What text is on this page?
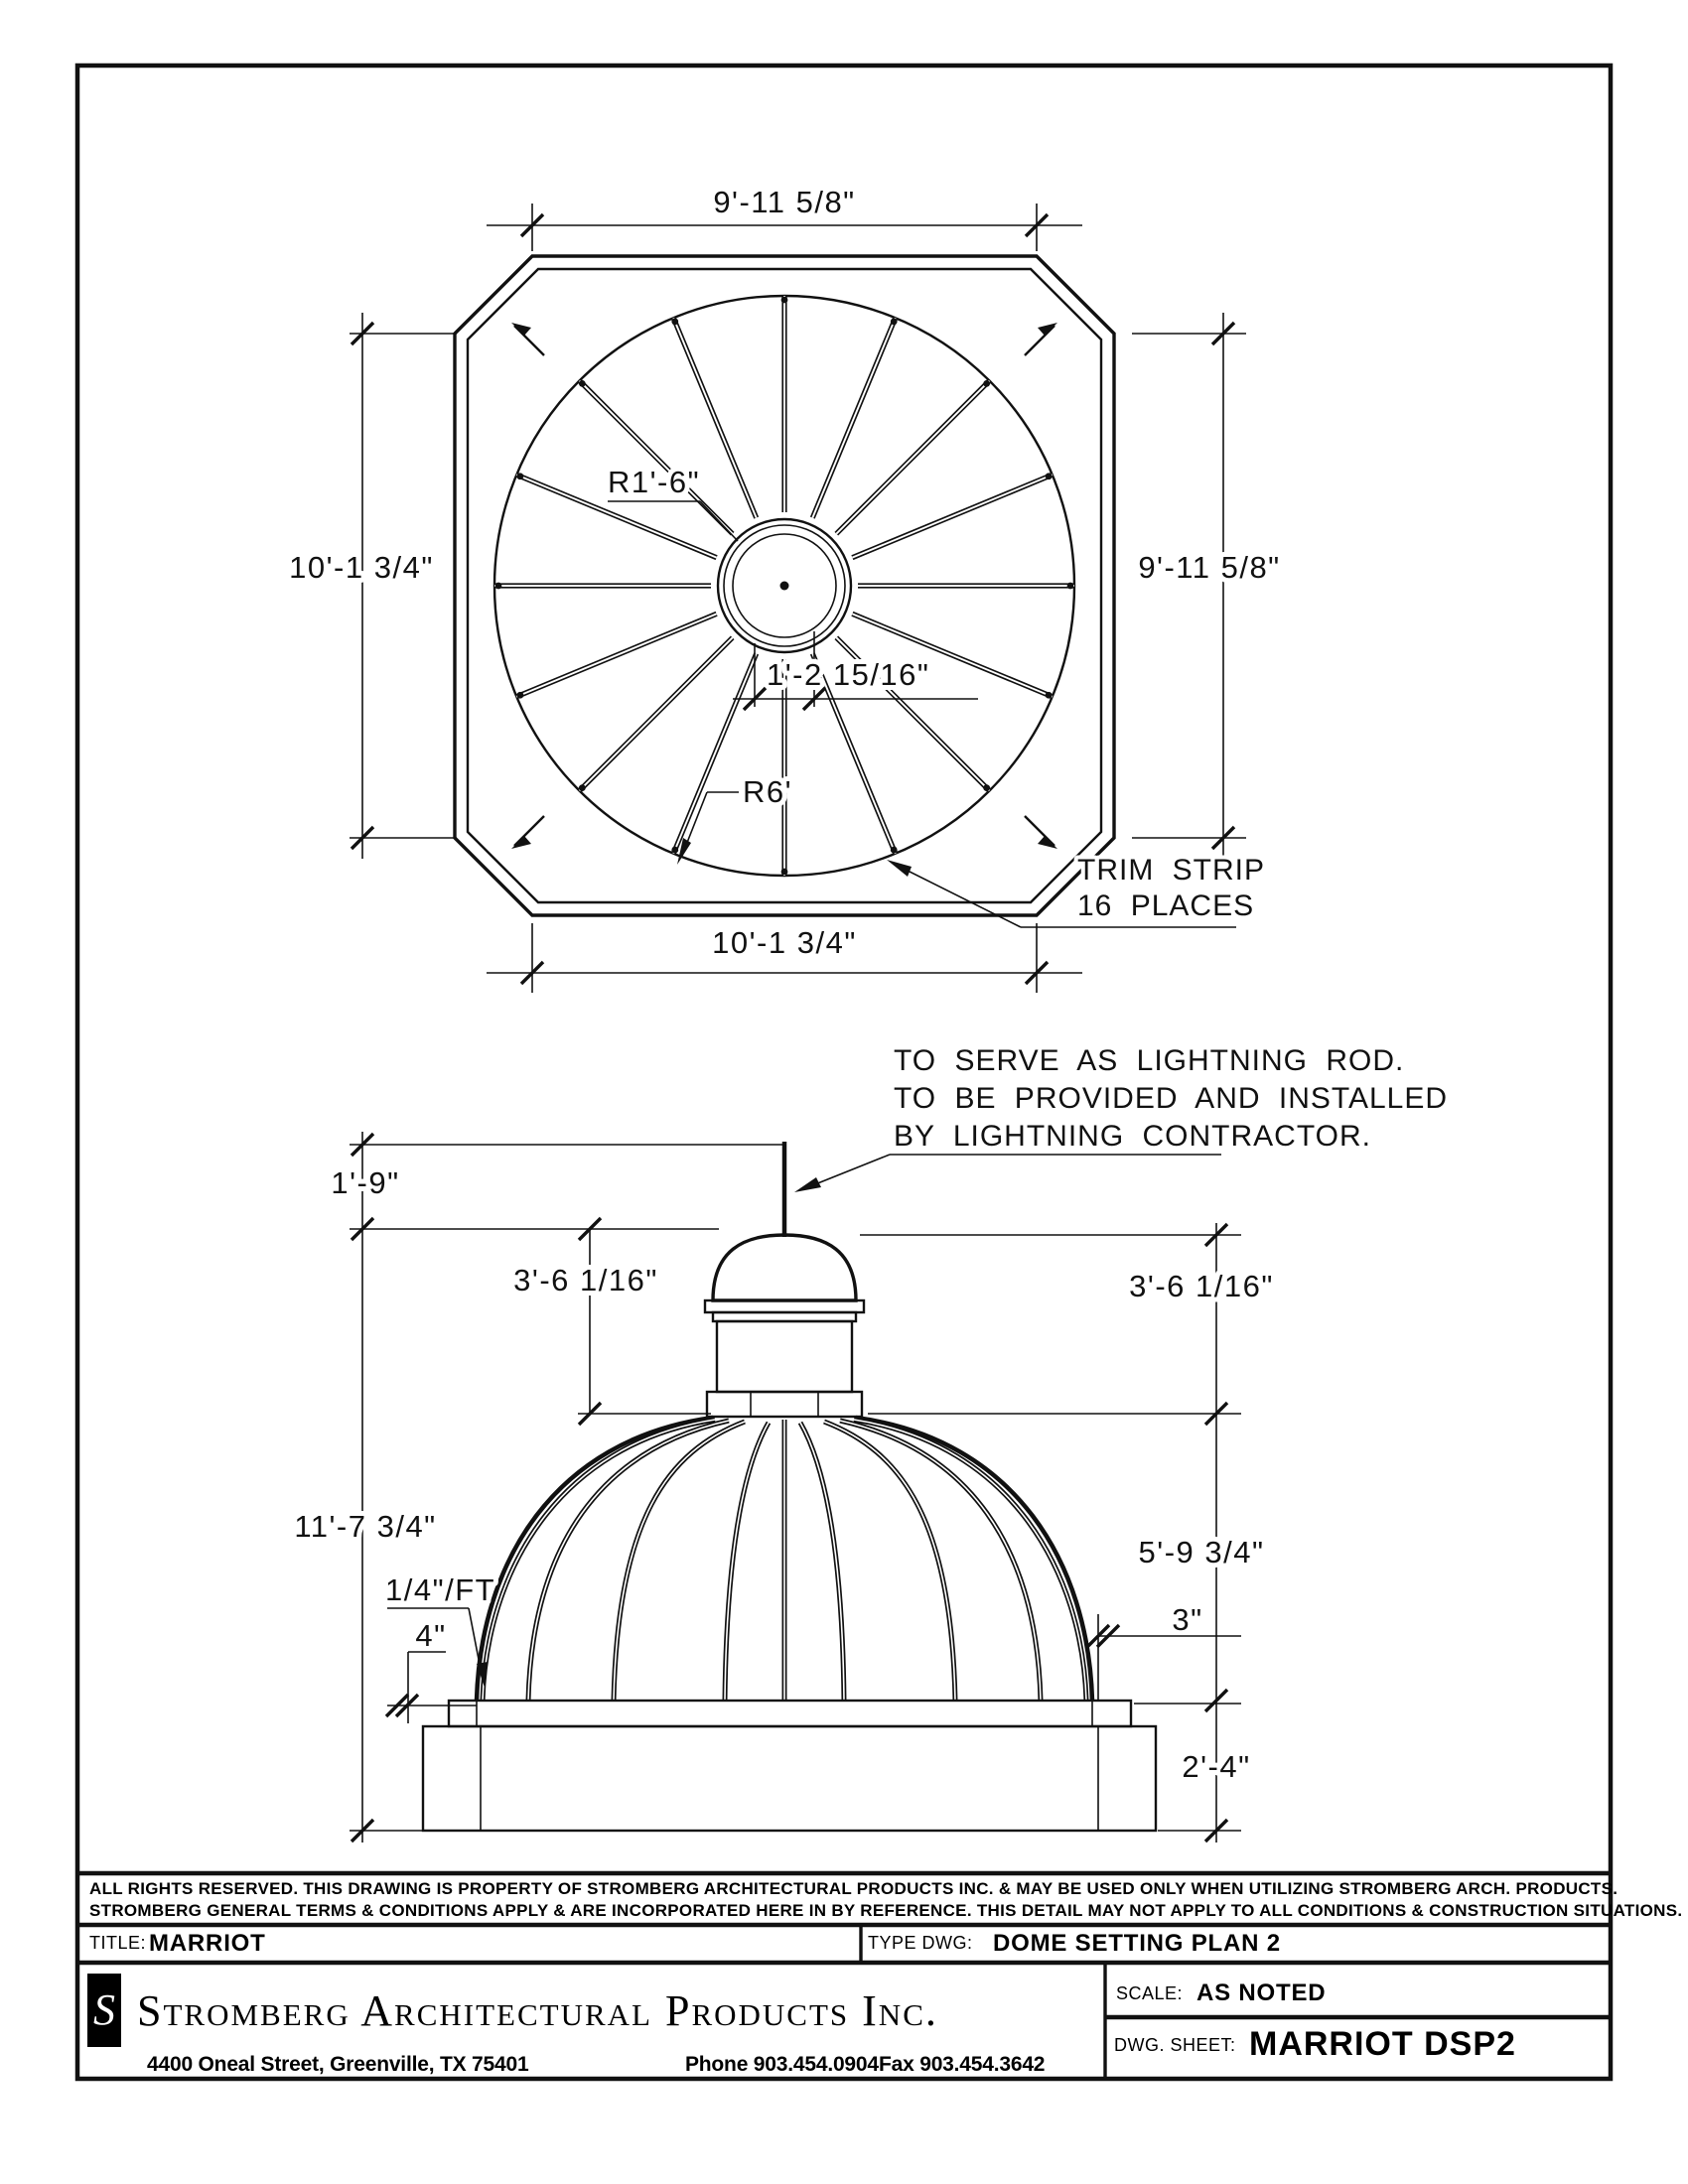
9'-11 5/8"
10'-1 3/4"	9'-11 5/8"
10'-1 3/4"
R1'-6"
1'-2 15/16"
R6'
TRIM STRIP
16 PLACES
TO SERVE AS LIGHTNING ROD.
TO BE PROVIDED AND INSTALLED
BY LIGHTNING CONTRACTOR.
1'-9"
3'-6 1/16"
11'-7 3/4"
1/4"/FT
4"
3'-6 1/16"
5'-9 3/4"
3"
2'-4"
ALL RIGHTS RESERVED. THIS DRAWING IS PROPERTY OF STROMBERG ARCHITECTURAL PRODUCTS INC. & MAY BE USED ONLY WHEN UTILIZING STROMBERG ARCH. PRODUCTS.
STROMBERG GENERAL TERMS & CONDITIONS APPLY & ARE INCORPORATED HERE IN BY REFERENCE. THIS DETAIL MAY NOT APPLY TO ALL CONDITIONS & CONSTRUCTION SITUATIONS.
TITLE: MARRIOT	TYPE DWG: DOME SETTING PLAN 2
S Stromberg Architectural Products Inc.
4400 Oneal Street, Greenville, TX 75401	Phone 903.454.0904 Fax 903.454.3642
SCALE: AS NOTED
DWG. SHEET: MARRIOT DSP2
